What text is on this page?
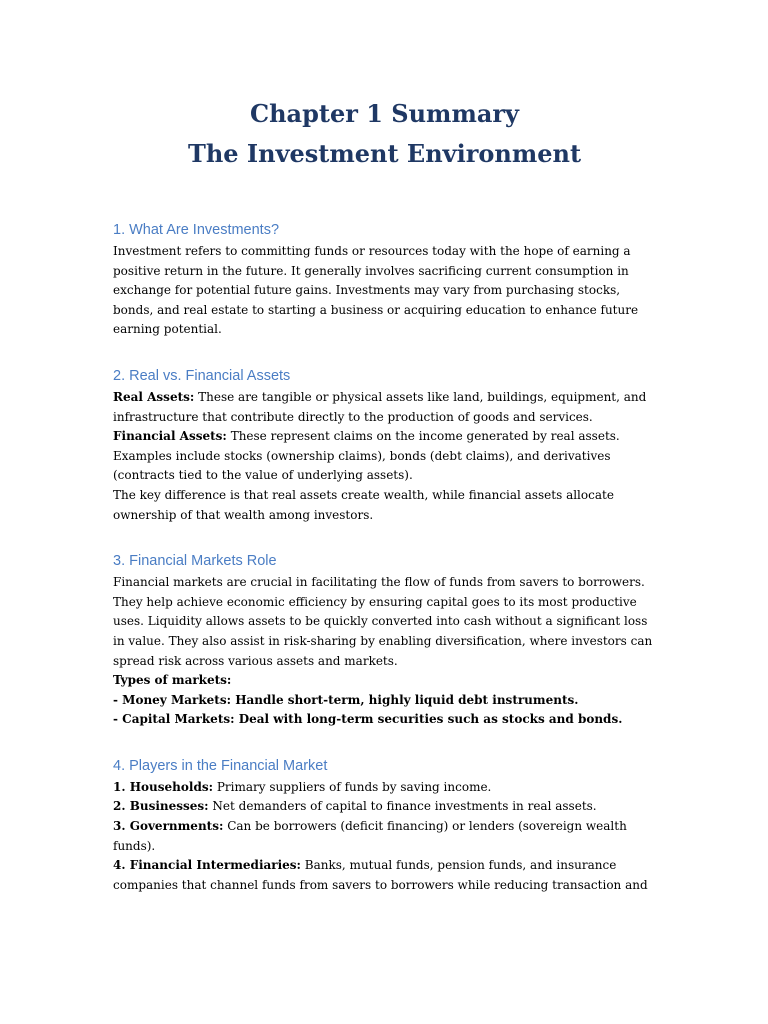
Chapter 1 Summary
The Investment Environment
1. What Are Investments?

Investment refers to committing funds or resources today with the hope of earning a positive return in the future. It generally involves sacrificing current consumption in exchange for potential future gains. Investments may vary from purchasing stocks, bonds, and real estate to starting a business or acquiring education to enhance future earning potential.

2. Real vs. Financial Assets

Real Assets: These are tangible or physical assets like land, buildings, equipment, and infrastructure that contribute directly to the production of goods and services.
Financial Assets: These represent claims on the income generated by real assets. Examples include stocks (ownership claims), bonds (debt claims), and derivatives (contracts tied to the value of underlying assets).
The key difference is that real assets create wealth, while financial assets allocate ownership of that wealth among investors.

3. Financial Markets Role

Financial markets are crucial in facilitating the flow of funds from savers to borrowers. They help achieve economic efficiency by ensuring capital goes to its most productive uses. Liquidity allows assets to be quickly converted into cash without a significant loss in value. They also assist in risk-sharing by enabling diversification, where investors can spread risk across various assets and markets.
Types of markets:
- Money Markets: Handle short-term, highly liquid debt instruments.
- Capital Markets: Deal with long-term securities such as stocks and bonds.

4. Players in the Financial Market

1. Households: Primary suppliers of funds by saving income.
2. Businesses: Net demanders of capital to finance investments in real assets.
3. Governments: Can be borrowers (deficit financing) or lenders (sovereign wealth funds).
4. Financial Intermediaries: Banks, mutual funds, pension funds, and insurance companies that channel funds from savers to borrowers while reducing transaction and
